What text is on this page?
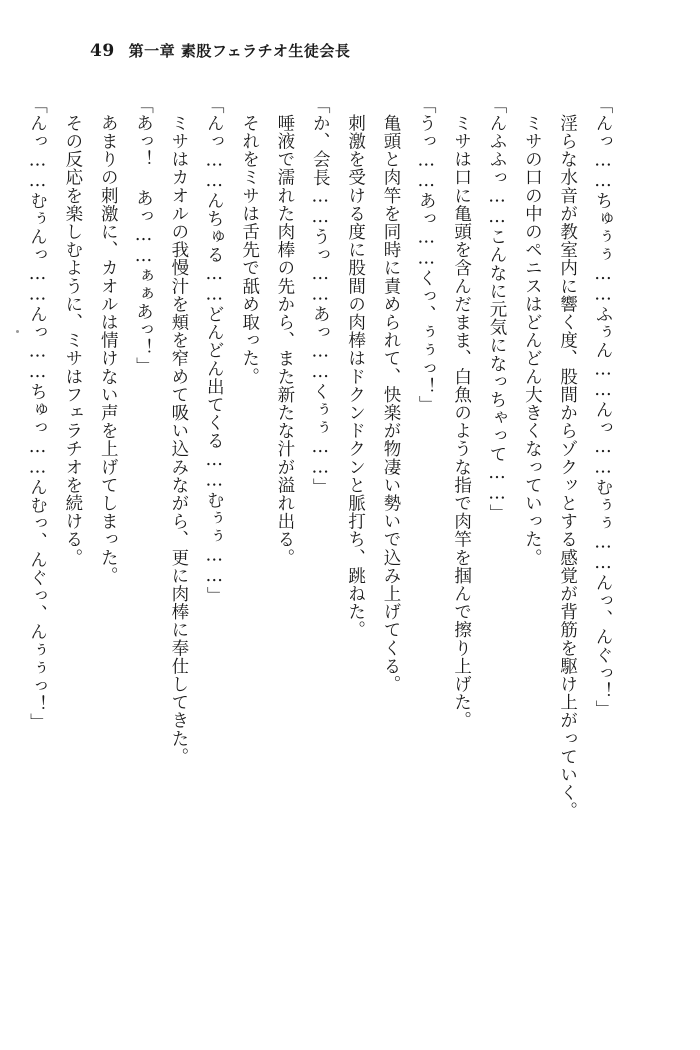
49 第一章 素股フェラチオ生徒会長

「んっ……ちゅぅぅ……ふぅん……んっ……むぅぅ……んっ、んぐっ！」

淫らな水音が教室内に響く度、股間からゾクッとする感覚が背筋を駆け上がっていく。

ミサの口の中のペニスはどんどん大きくなっていった。

「んふふっ……こんなに元気になっちゃって……」

ミサは口に亀頭を含んだまま、白魚のような指で肉竿を掴んで擦り上げた。

「うっ……あっ……くっ、ぅぅっ！」

亀頭と肉竿を同時に責められて、快楽が物凄い勢いで込み上げてくる。

刺激を受ける度に股間の肉棒はドクンドクンと脈打ち、跳ねた。

「か、会長……うっ……あっ……くぅぅ……」

唾液で濡れた肉棒の先から、また新たな汁が溢れ出る。

それをミサは舌先で舐め取った。

「んっ……んちゅる……どんどん出てくる……むぅぅ……」

ミサはカオルの我慢汁を頬を窄めて吸い込みながら、更に肉棒に奉仕してきた。

「あっ！ あっ……ぁぁあっ！」

あまりの刺激に、カオルは情けない声を上げてしまった。

その反応を楽しむように、ミサはフェラチオを続ける。

「んっ……むぅんっ……んっ……ちゅっ……んむっ、んぐっ、んぅぅっ！」
